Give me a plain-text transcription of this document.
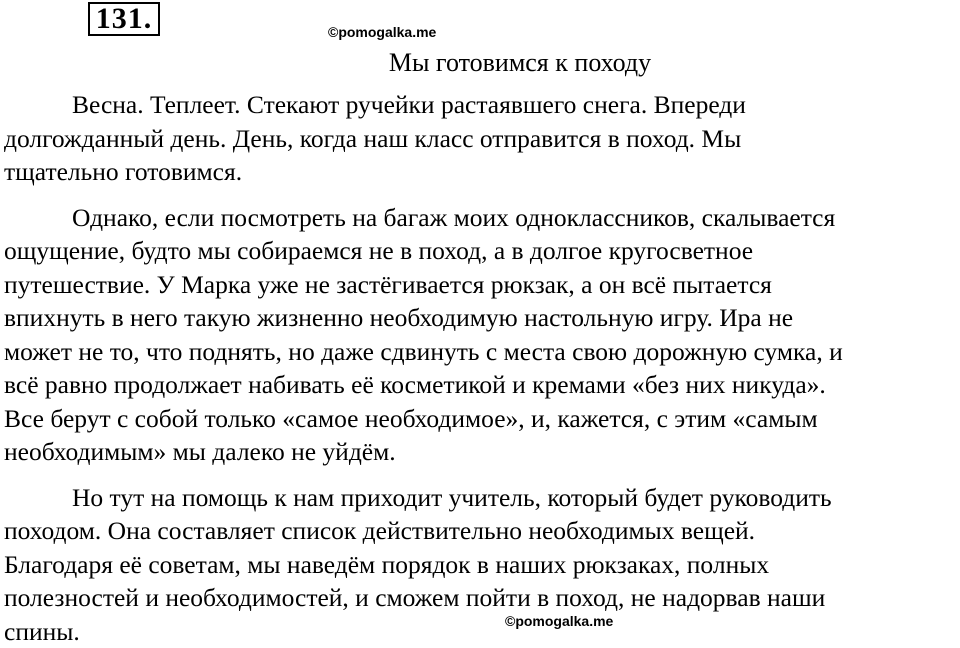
131.	©pomogalka.me
Мы готовимся к походу

Весна. Теплеет. Стекают ручейки растаявшего снега. Впереди
долгожданный день. День, когда наш класс отправится в поход. Мы
тщательно готовимся.

Однако, если посмотреть на багаж моих одноклассников, скалывается
ощущение, будто мы собираемся не в поход, а в долгое кругосветное
путешествие. У Марка уже не застёгивается рюкзак, а он всё пытается
впихнуть в него такую жизненно необходимую настольную игру. Ира не
может не то, что поднять, но даже сдвинуть с места свою дорожную сумка, и
всё равно продолжает набивать её косметикой и кремами «без них никуда».
Все берут с собой только «самое необходимое», и, кажется, с этим «самым
необходимым» мы далеко не уйдём.

Но тут на помощь к нам приходит учитель, который будет руководить
походом. Она составляет список действительно необходимых вещей.
Благодаря её советам, мы наведём порядок в наших рюкзаках, полных
полезностей и необходимостей, и сможем пойти в поход, не надорвав наши
спины.	©pomogalka.me
